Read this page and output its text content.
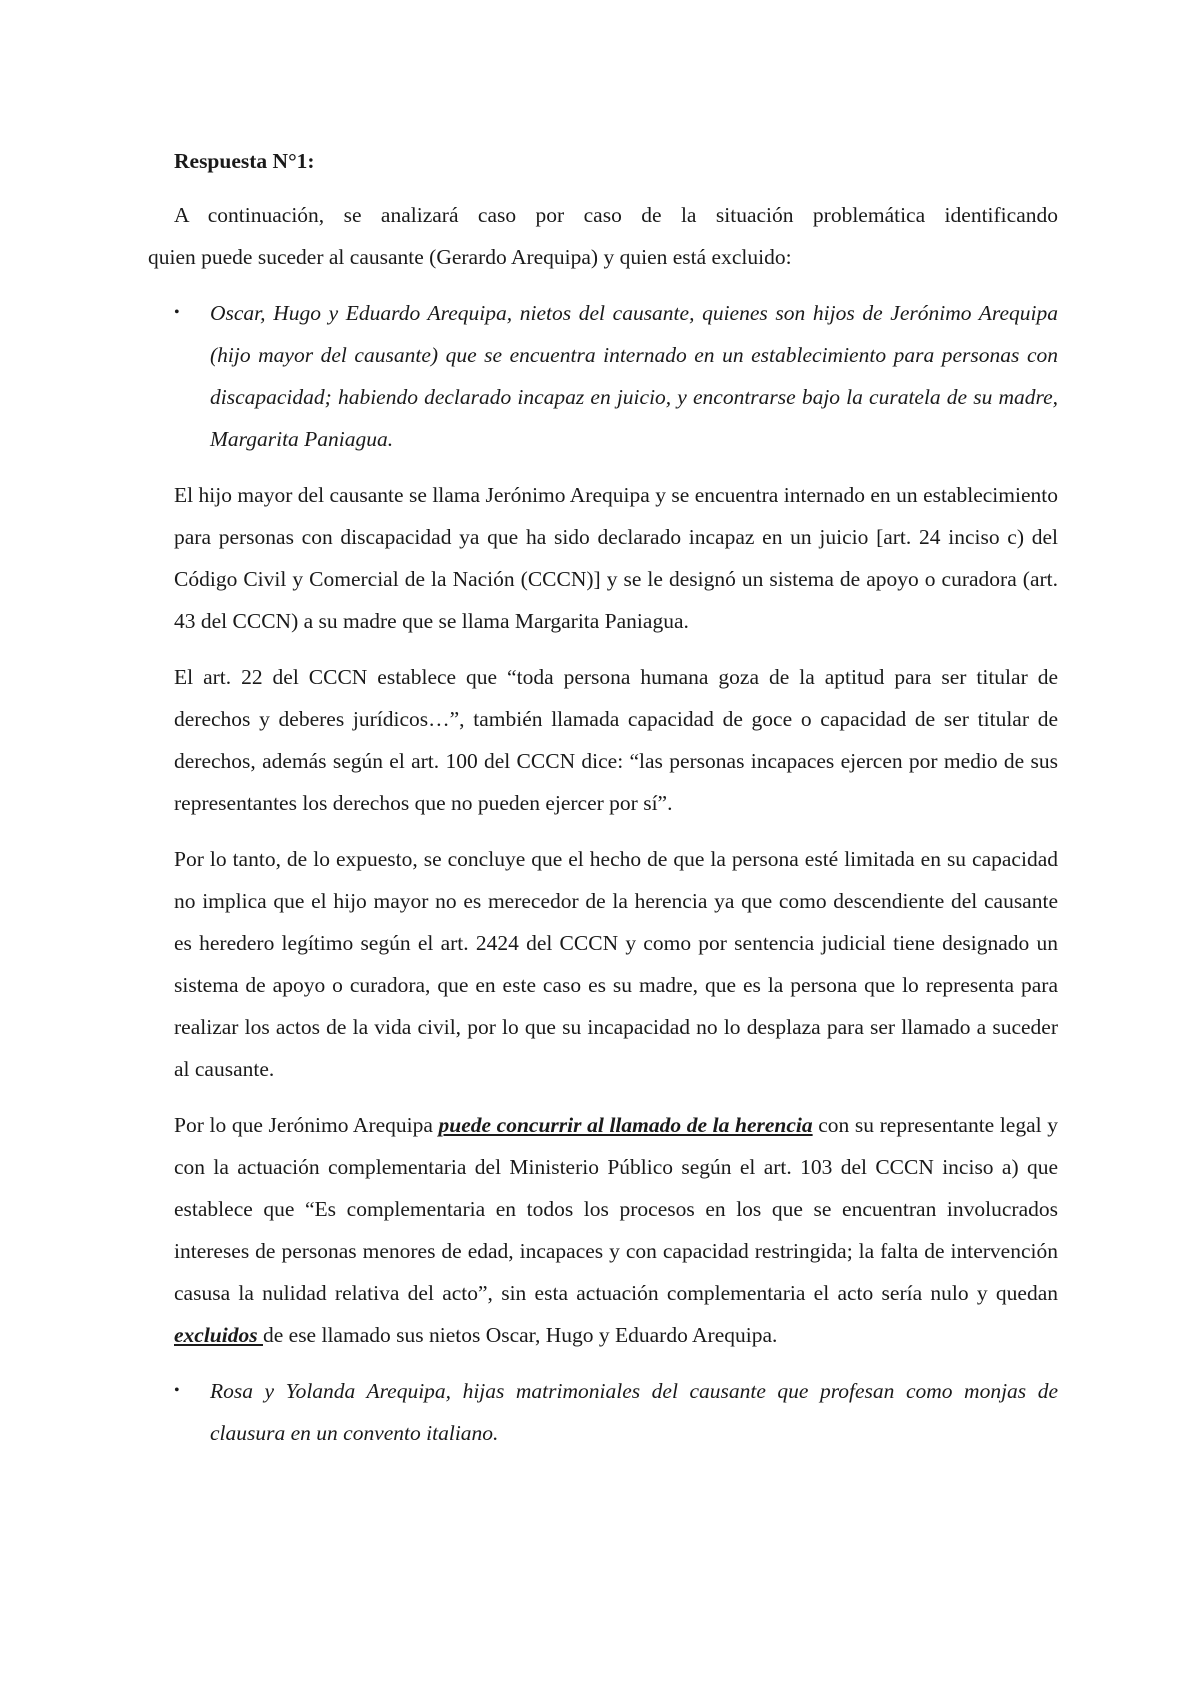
Respuesta N°1:
A continuación, se analizará caso por caso de la situación problemática identificando
quien puede suceder al causante (Gerardo Arequipa) y quien está excluido:
• Oscar, Hugo y Eduardo Arequipa, nietos del causante, quienes son hijos de Jerónimo Arequipa (hijo mayor del causante) que se encuentra internado en un establecimiento para personas con discapacidad; habiendo declarado incapaz en juicio, y encontrarse bajo la curatela de su madre, Margarita Paniagua.
El hijo mayor del causante se llama Jerónimo Arequipa y se encuentra internado en un establecimiento para personas con discapacidad ya que ha sido declarado incapaz en un juicio [art. 24 inciso c) del Código Civil y Comercial de la Nación (CCCN)] y se le designó un sistema de apoyo o curadora (art. 43 del CCCN) a su madre que se llama Margarita Paniagua.
El art. 22 del CCCN establece que “toda persona humana goza de la aptitud para ser titular de derechos y deberes jurídicos…”, también llamada capacidad de goce o capacidad de ser titular de derechos, además según el art. 100 del CCCN dice: “las personas incapaces ejercen por medio de sus representantes los derechos que no pueden ejercer por sí”.
Por lo tanto, de lo expuesto, se concluye que el hecho de que la persona esté limitada en su capacidad no implica que el hijo mayor no es merecedor de la herencia ya que como descendiente del causante es heredero legítimo según el art. 2424 del CCCN y como por sentencia judicial tiene designado un sistema de apoyo o curadora, que en este caso es su madre, que es la persona que lo representa para realizar los actos de la vida civil, por lo que su incapacidad no lo desplaza para ser llamado a suceder al causante.
Por lo que Jerónimo Arequipa puede concurrir al llamado de la herencia con su representante legal y con la actuación complementaria del Ministerio Público según el art. 103 del CCCN inciso a) que establece que “Es complementaria en todos los procesos en los que se encuentran involucrados intereses de personas menores de edad, incapaces y con capacidad restringida; la falta de intervención casusa la nulidad relativa del acto”, sin esta actuación complementaria el acto sería nulo y quedan excluidos de ese llamado sus nietos Oscar, Hugo y Eduardo Arequipa.
• Rosa y Yolanda Arequipa, hijas matrimoniales del causante que profesan como monjas de clausura en un convento italiano.
